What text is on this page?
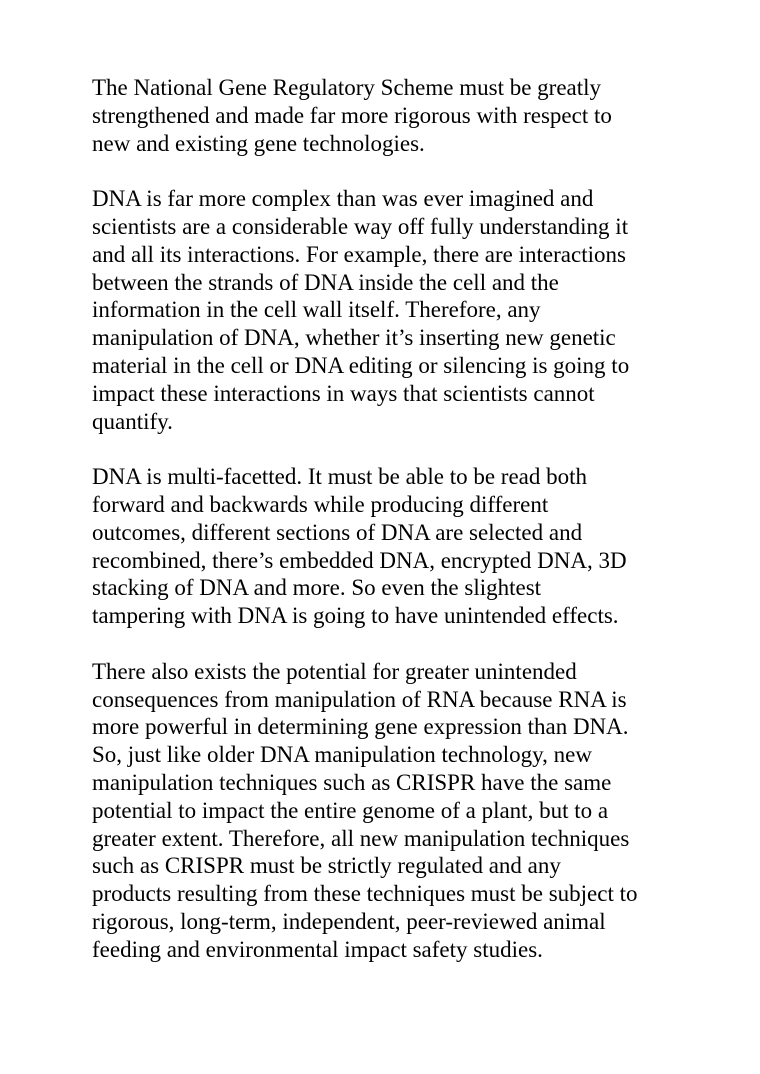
The National Gene Regulatory Scheme must be greatly
strengthened and made far more rigorous with respect to
new and existing gene technologies.

DNA is far more complex than was ever imagined and
scientists are a considerable way off fully understanding it
and all its interactions. For example, there are interactions
between the strands of DNA inside the cell and the
information in the cell wall itself. Therefore, any
manipulation of DNA, whether it’s inserting new genetic
material in the cell or DNA editing or silencing is going to
impact these interactions in ways that scientists cannot
quantify.

DNA is multi-facetted. It must be able to be read both
forward and backwards while producing different
outcomes, different sections of DNA are selected and
recombined, there’s embedded DNA, encrypted DNA, 3D
stacking of DNA and more. So even the slightest
tampering with DNA is going to have unintended effects.

There also exists the potential for greater unintended
consequences from manipulation of RNA because RNA is
more powerful in determining gene expression than DNA.
So, just like older DNA manipulation technology, new
manipulation techniques such as CRISPR have the same
potential to impact the entire genome of a plant, but to a
greater extent. Therefore, all new manipulation techniques
such as CRISPR must be strictly regulated and any
products resulting from these techniques must be subject to
rigorous, long-term, independent, peer-reviewed animal
feeding and environmental impact safety studies.
